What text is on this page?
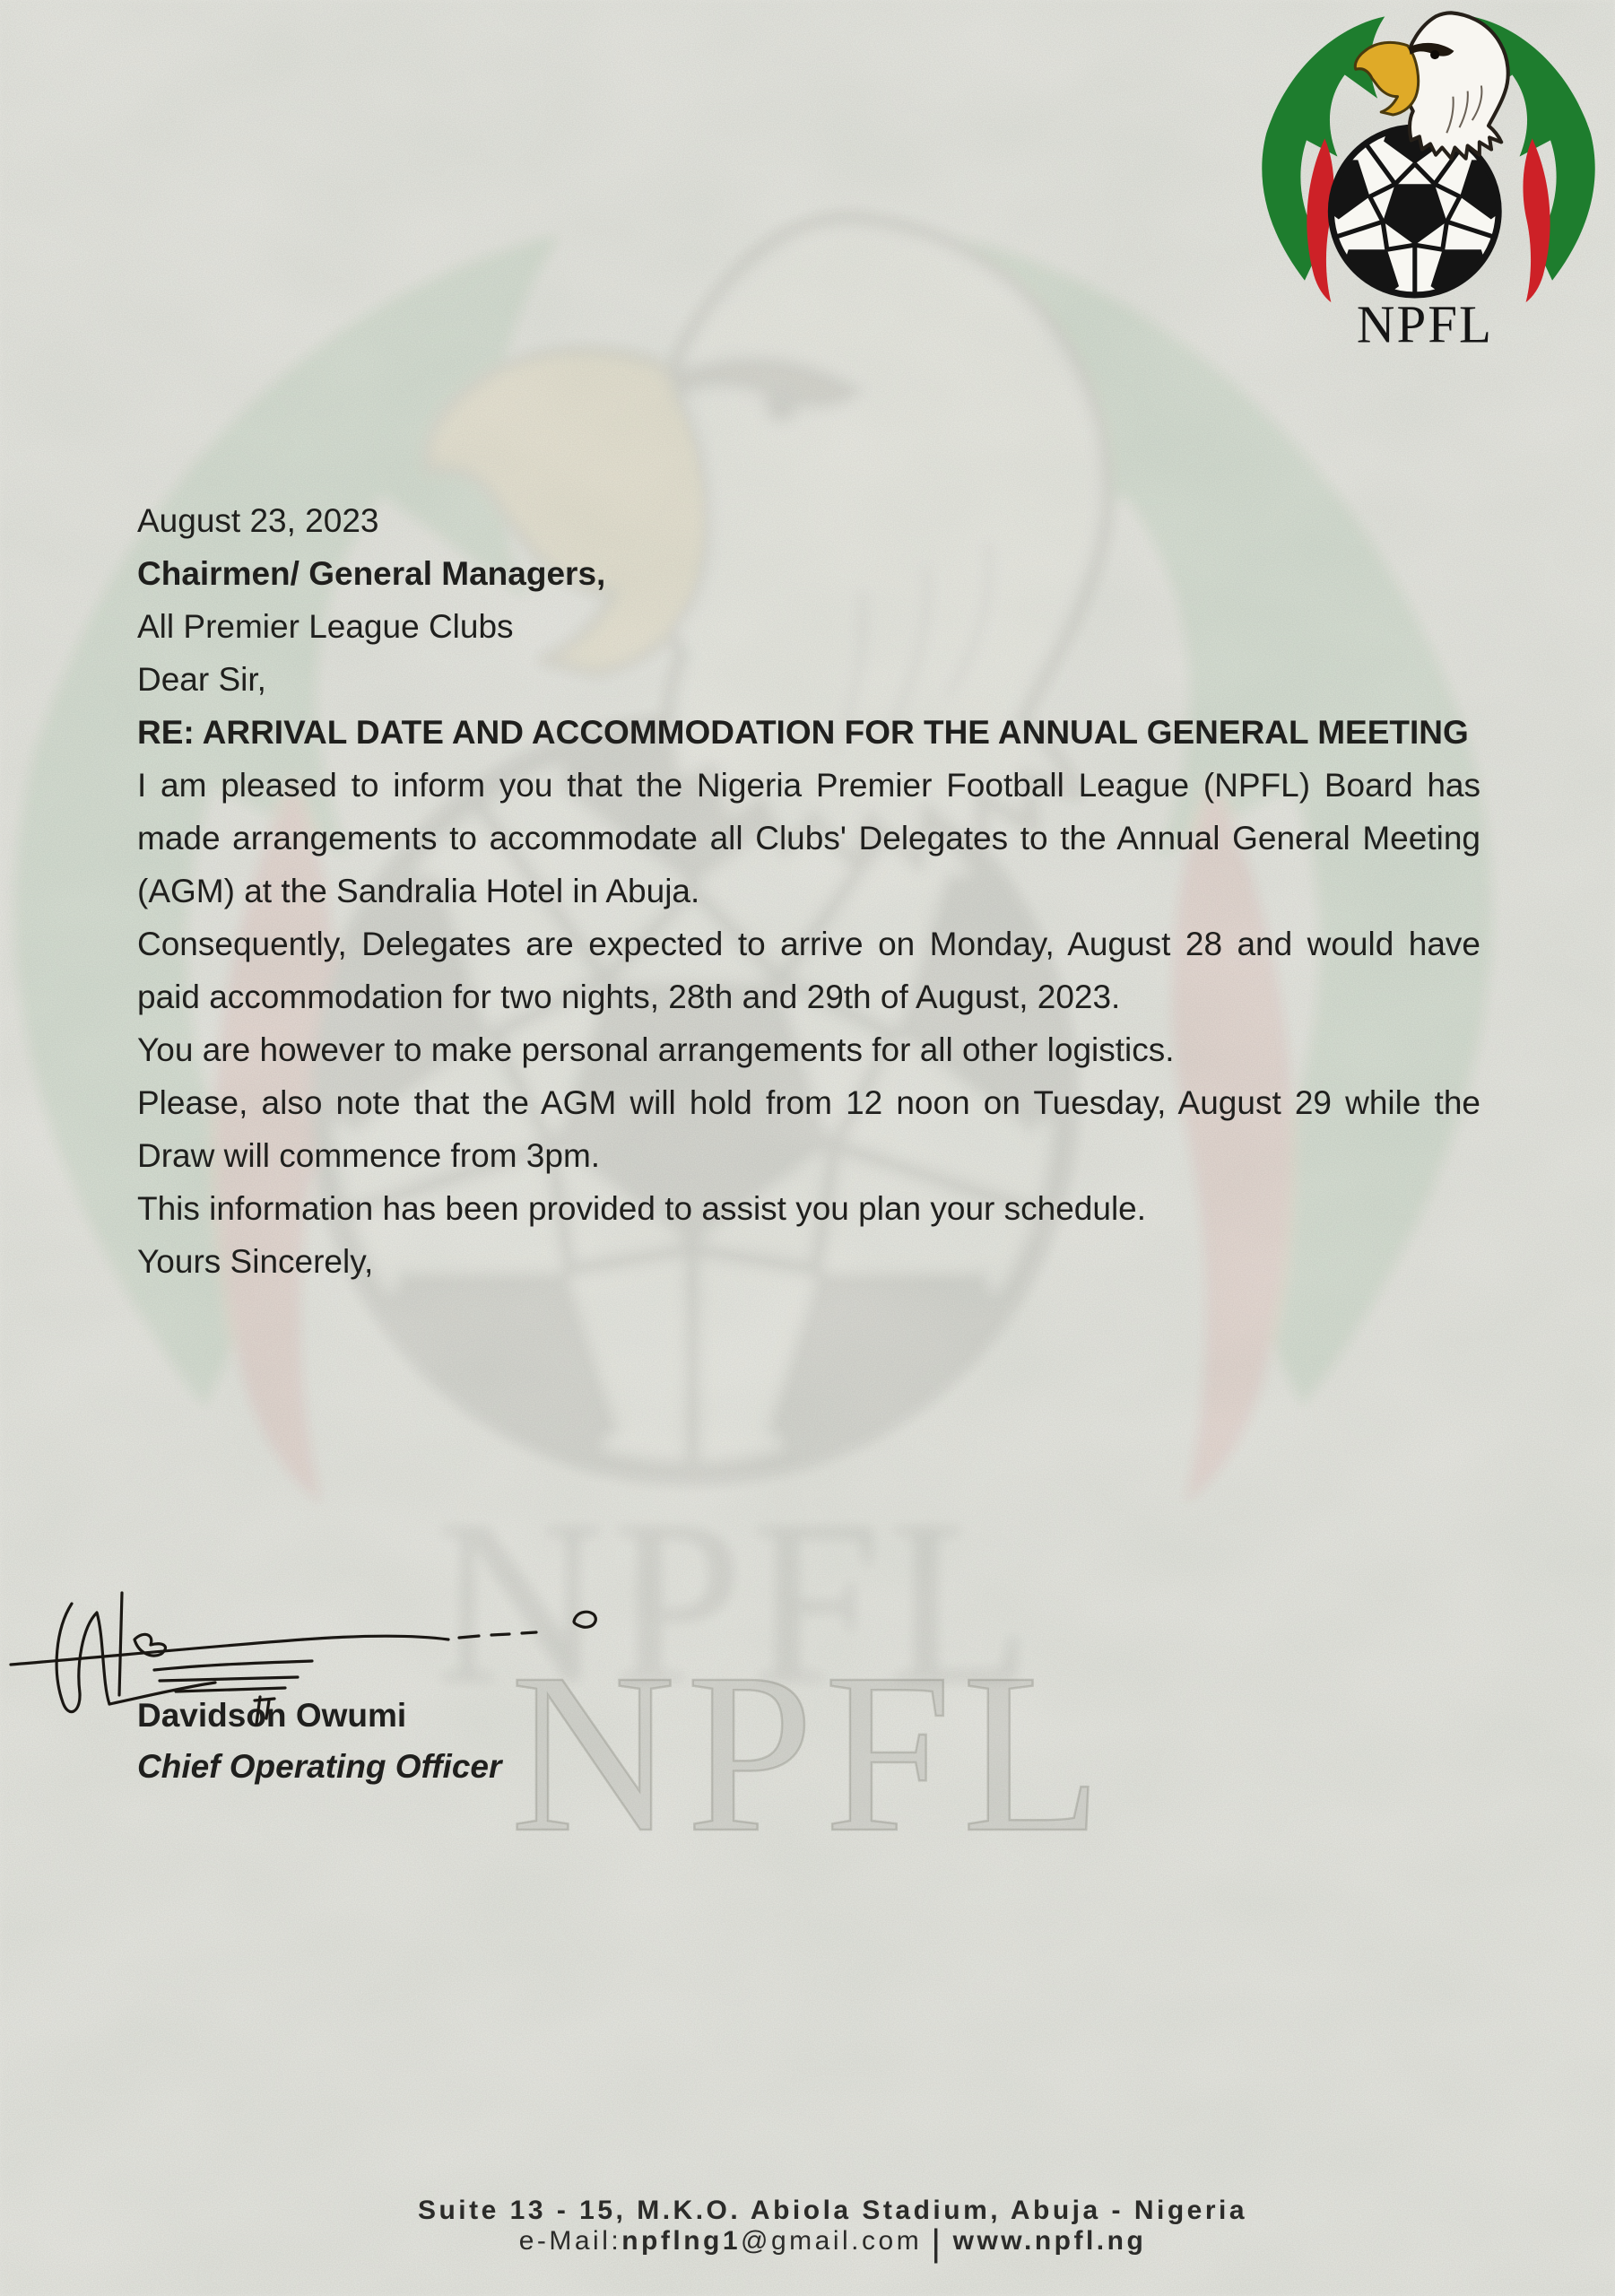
NPFL

August 23, 2023

Chairmen/ General Managers,

All Premier League Clubs

Dear Sir,

RE: ARRIVAL DATE AND ACCOMMODATION FOR THE ANNUAL GENERAL MEETING

I am pleased to inform you that the Nigeria Premier Football League (NPFL) Board has made arrangements to accommodate all Clubs' Delegates to the Annual General Meeting (AGM) at the Sandralia Hotel in Abuja.

Consequently, Delegates are expected to arrive on Monday, August 28 and would have paid accommodation for two nights, 28th and 29th of August, 2023.

You are however to make personal arrangements for all other logistics.

Please, also note that the AGM will hold from 12 noon on Tuesday, August 29 while the Draw will commence from 3pm.

This information has been provided to assist you plan your schedule.

Yours Sincerely,

Davidson Owumi

Chief Operating Officer

Suite 13 - 15, M.K.O. Abiola Stadium, Abuja - Nigeria

e-Mail:npflng1@gmail.com | www.npfl.ng
